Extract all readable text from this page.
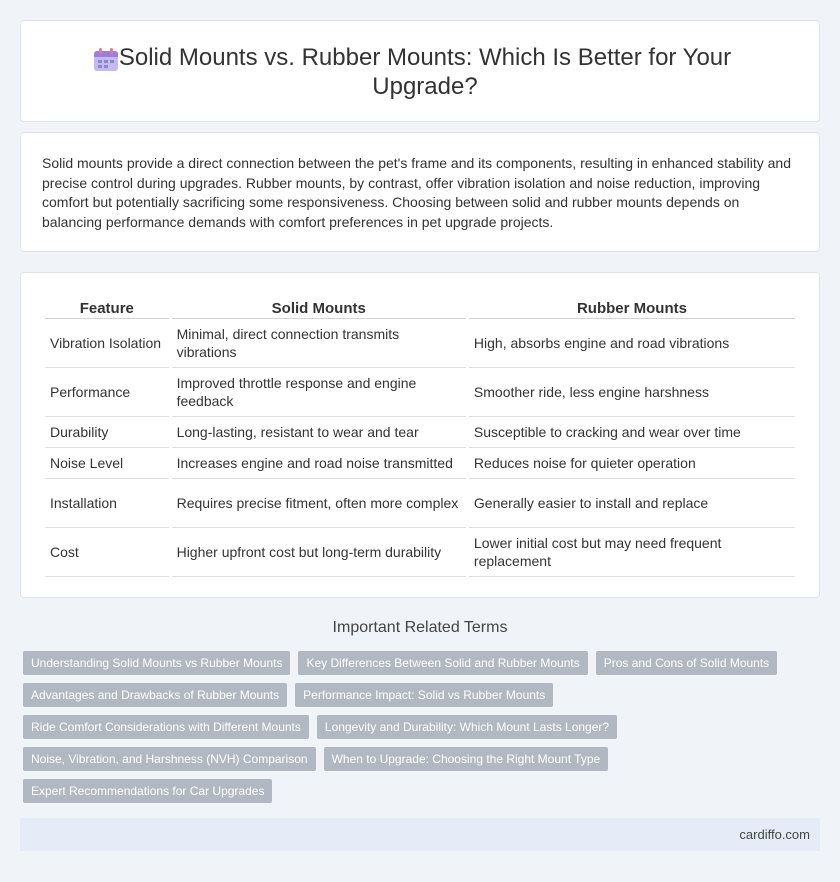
Solid Mounts vs. Rubber Mounts: Which Is Better for Your Upgrade?

Solid mounts provide a direct connection between the pet's frame and its components, resulting in enhanced stability and precise control during upgrades. Rubber mounts, by contrast, offer vibration isolation and noise reduction, improving comfort but potentially sacrificing some responsiveness. Choosing between solid and rubber mounts depends on balancing performance demands with comfort preferences in pet upgrade projects.

Feature	Solid Mounts	Rubber Mounts
Vibration Isolation	Minimal, direct connection transmits vibrations	High, absorbs engine and road vibrations
Performance	Improved throttle response and engine feedback	Smoother ride, less engine harshness
Durability	Long-lasting, resistant to wear and tear	Susceptible to cracking and wear over time
Noise Level	Increases engine and road noise transmitted	Reduces noise for quieter operation
Installation	Requires precise fitment, often more complex	Generally easier to install and replace
Cost	Higher upfront cost but long-term durability	Lower initial cost but may need frequent replacement
Important Related Terms
Understanding Solid Mounts vs Rubber Mounts	Key Differences Between Solid and Rubber Mounts	Pros and Cons of Solid Mounts
Advantages and Drawbacks of Rubber Mounts	Performance Impact: Solid vs Rubber Mounts
Ride Comfort Considerations with Different Mounts	Longevity and Durability: Which Mount Lasts Longer?
Noise, Vibration, and Harshness (NVH) Comparison	When to Upgrade: Choosing the Right Mount Type
Expert Recommendations for Car Upgrades
cardiffo.com
